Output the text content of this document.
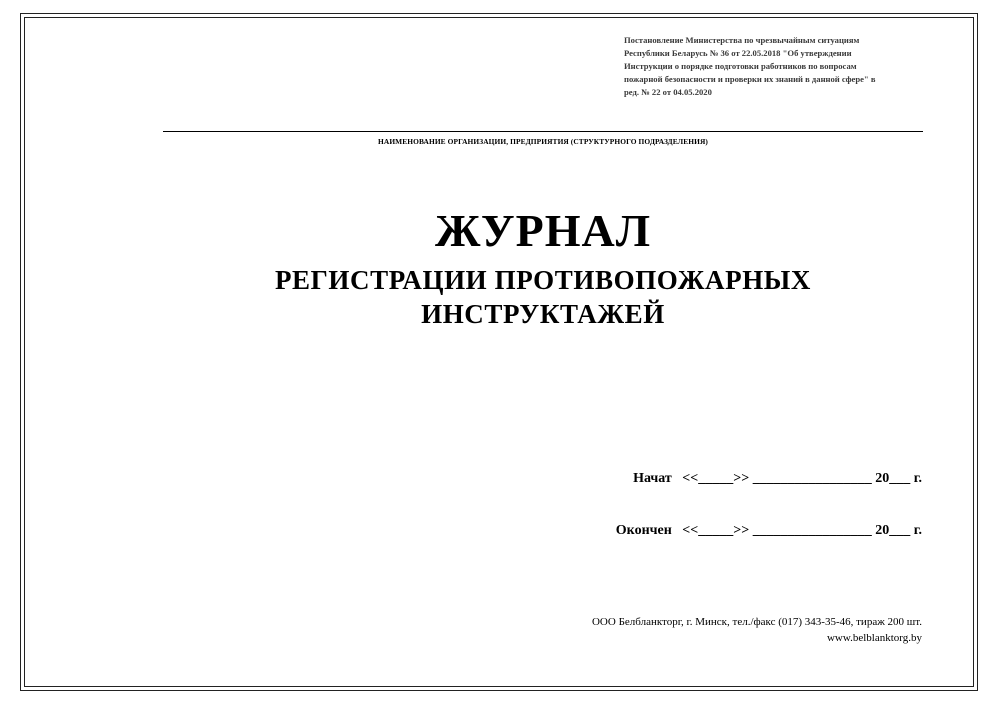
Постановление Министерства по чрезвычайным ситуациям
Республики Беларусь № 36 от 22.05.2018 "Об утверждении
Инструкции о порядке подготовки работников по вопросам
пожарной безопасности и проверки их знаний в данной сфере" в
ред. № 22 от 04.05.2020
НАИМЕНОВАНИЕ ОРГАНИЗАЦИИ, ПРЕДПРИЯТИЯ (СТРУКТУРНОГО ПОДРАЗДЕЛЕНИЯ)
ЖУРНАЛ
РЕГИСТРАЦИИ ПРОТИВОПОЖАРНЫХ
ИНСТРУКТАЖЕЙ
Начат   <<_____>> _________________ 20___ г.
Окончен   <<_____>> _________________ 20___ г.
ООО Белбланкторг, г. Минск, тел./факс (017) 343-35-46, тираж 200 шт.
www.belblanktorg.by
